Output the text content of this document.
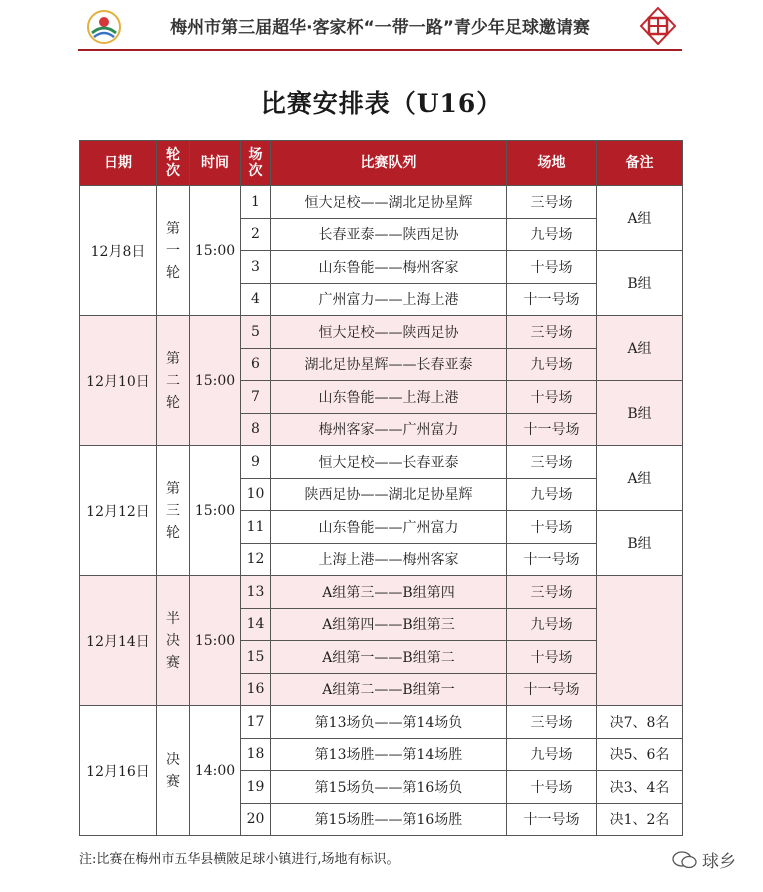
梅州市第三届超华·客家杯“一带一路”青少年足球邀请赛
比赛安排表（U16）
日期	轮次	时间	场次	比赛队列	场地	备注
12月8日	第一轮	15:00	1	恒大足校——湖北足协星辉	三号场	A组
			2	长春亚泰——陕西足协	九号场	
			3	山东鲁能——梅州客家	十号场	B组
			4	广州富力——上海上港	十一号场	
12月10日	第二轮	15:00	5	恒大足校——陕西足协	三号场	A组
			6	湖北足协星辉——长春亚泰	九号场	
			7	山东鲁能——上海上港	十号场	B组
			8	梅州客家——广州富力	十一号场	
12月12日	第三轮	15:00	9	恒大足校——长春亚泰	三号场	A组
			10	陕西足协——湖北足协星辉	九号场	
			11	山东鲁能——广州富力	十号场	B组
			12	上海上港——梅州客家	十一号场	
12月14日	半决赛	15:00	13	A组第三——B组第四	三号场	
			14	A组第四——B组第三	九号场	
			15	A组第一——B组第二	十号场	
			16	A组第二——B组第一	十一号场	
12月16日	决赛	14:00	17	第13场负——第14场负	三号场	决7、8名
			18	第13场胜——第14场胜	九号场	决5、6名
			19	第15场负——第16场负	十号场	决3、4名
			20	第15场胜——第16场胜	十一号场	决1、2名
注:比赛在梅州市五华县横陂足球小镇进行,场地有标识。	球乡
